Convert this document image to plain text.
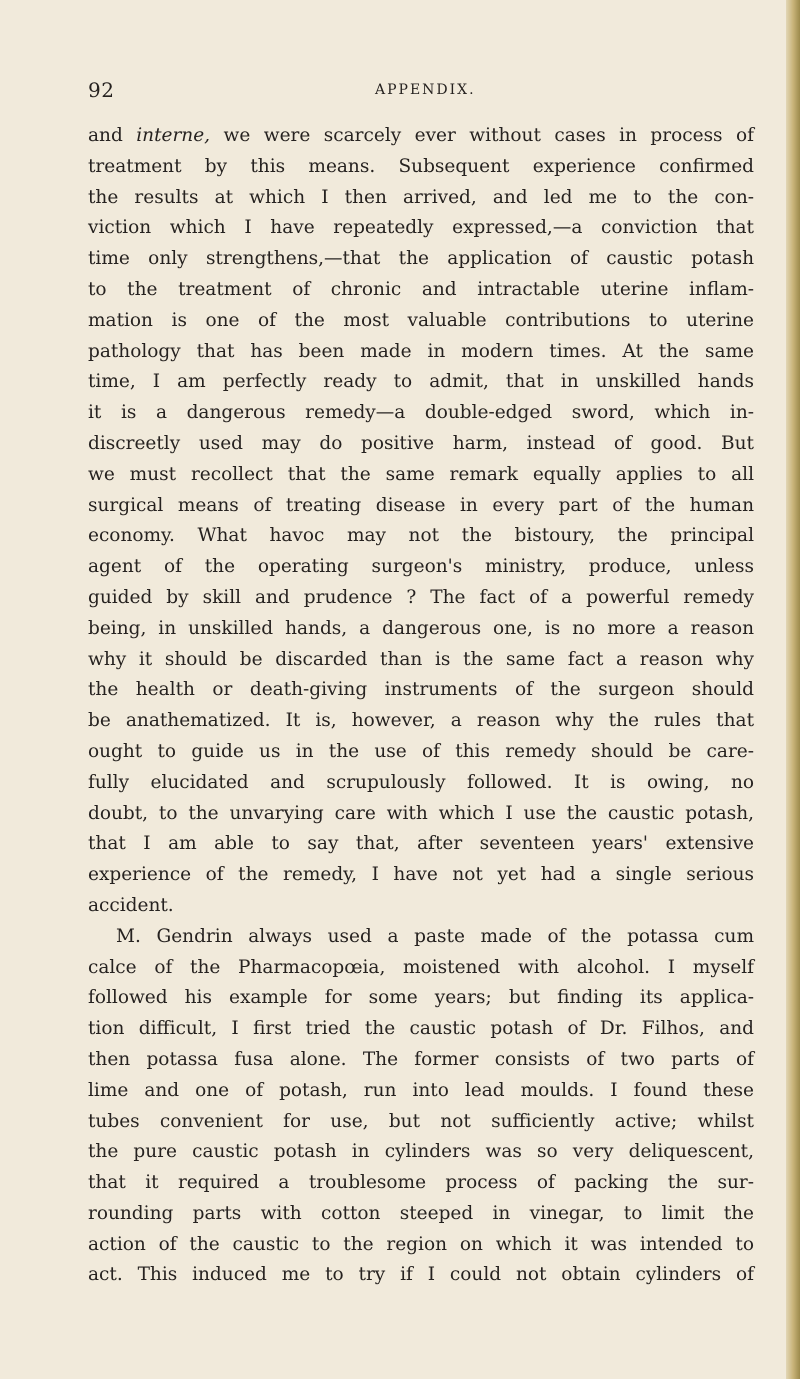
92	APPENDIX.
and interne, we were scarcely ever without cases in process of
treatment by this means. Subsequent experience confirmed
the results at which I then arrived, and led me to the con-
viction which I have repeatedly expressed,—a conviction that
time only strengthens,—that the application of caustic potash
to the treatment of chronic and intractable uterine inflam-
mation is one of the most valuable contributions to uterine
pathology that has been made in modern times. At the same
time, I am perfectly ready to admit, that in unskilled hands
it is a dangerous remedy—a double-edged sword, which in-
discreetly used may do positive harm, instead of good. But
we must recollect that the same remark equally applies to all
surgical means of treating disease in every part of the human
economy. What havoc may not the bistoury, the principal
agent of the operating surgeon's ministry, produce, unless
guided by skill and prudence ? The fact of a powerful remedy
being, in unskilled hands, a dangerous one, is no more a reason
why it should be discarded than is the same fact a reason why
the health or death-giving instruments of the surgeon should
be anathematized. It is, however, a reason why the rules that
ought to guide us in the use of this remedy should be care-
fully elucidated and scrupulously followed. It is owing, no
doubt, to the unvarying care with which I use the caustic potash,
that I am able to say that, after seventeen years' extensive
experience of the remedy, I have not yet had a single serious
accident.
M. Gendrin always used a paste made of the potassa cum
calce of the Pharmacopœia, moistened with alcohol. I myself
followed his example for some years; but finding its applica-
tion difficult, I first tried the caustic potash of Dr. Filhos, and
then potassa fusa alone. The former consists of two parts of
lime and one of potash, run into lead moulds. I found these
tubes convenient for use, but not sufficiently active; whilst
the pure caustic potash in cylinders was so very deliquescent,
that it required a troublesome process of packing the sur-
rounding parts with cotton steeped in vinegar, to limit the
action of the caustic to the region on which it was intended to
act. This induced me to try if I could not obtain cylinders of
